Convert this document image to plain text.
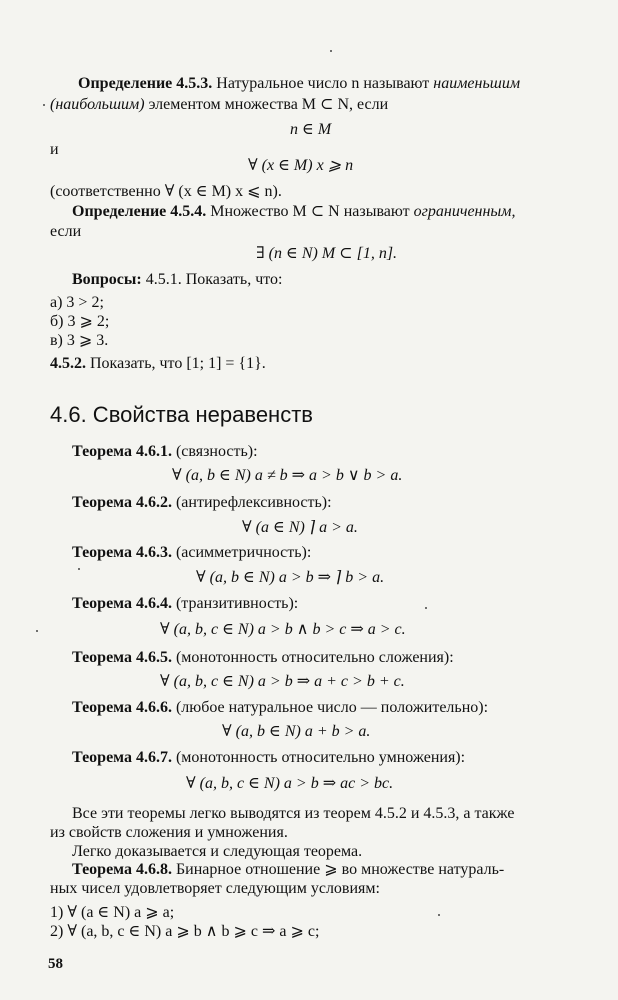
Определение 4.5.3. Натуральное число n называют наименьшим
(наибольшим) элементом множества M ⊂ N, если
n ∈ M
и
∀ (x ∈ M) x ⩾ n
(соответственно ∀ (x ∈ M) x ⩽ n).
Определение 4.5.4. Множество M ⊂ N называют ограниченным,
если
∃ (n ∈ N) M ⊂ [1, n].
Вопросы: 4.5.1. Показать, что:
а) 3 > 2;
б) 3 ⩾ 2;
в) 3 ⩾ 3.
4.5.2. Показать, что [1; 1] = {1}.
4.6. Свойства неравенств
Теорема 4.6.1. (связность):
∀ (a, b ∈ N) a ≠ b ⇒ a > b ∨ b > a.
Теорема 4.6.2. (антирефлексивность):
∀ (a ∈ N) ⌉ a > a.
Теорема 4.6.3. (асимметричность):
∀ (a, b ∈ N) a > b ⇒ ⌉ b > a.
Теорема 4.6.4. (транзитивность):
∀ (a, b, c ∈ N) a > b ∧ b > c ⇒ a > c.
Теорема 4.6.5. (монотонность относительно сложения):
∀ (a, b, c ∈ N) a > b ⇒ a + c > b + c.
Теорема 4.6.6. (любое натуральное число — положительно):
∀ (a, b ∈ N) a + b > a.
Теорема 4.6.7. (монотонность относительно умножения):
∀ (a, b, c ∈ N) a > b ⇒ ac > bc.
Все эти теоремы легко выводятся из теорем 4.5.2 и 4.5.3, а также
из свойств сложения и умножения.
Легко доказывается и следующая теорема.
Теорема 4.6.8. Бинарное отношение ⩾ во множестве натураль-
ных чисел удовлетворяет следующим условиям:
1) ∀ (a ∈ N) a ⩾ a;
2) ∀ (a, b, c ∈ N) a ⩾ b ∧ b ⩾ c ⇒ a ⩾ c;
58
